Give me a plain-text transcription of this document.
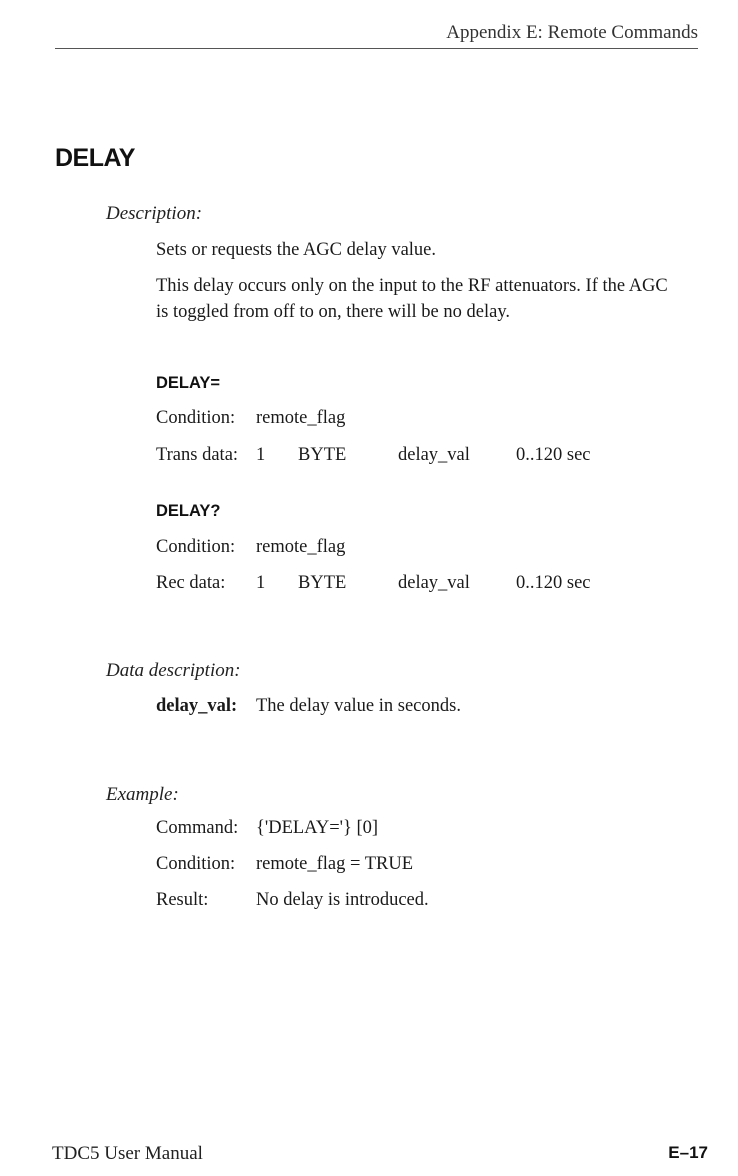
Appendix E: Remote Commands
DELAY
Description:
Sets or requests the AGC delay value.
This delay occurs only on the input to the RF attenuators. If the AGC is toggled from off to on, there will be no delay.
DELAY=
Condition: remote_flag
Trans data: 1 BYTE	delay_val 0..120 sec
DELAY?
Condition: remote_flag
Rec data: 1 BYTE	delay_val 0..120 sec
Data description:
delay_val: The delay value in seconds.
Example:
Command: {'DELAY='} [0]
Condition: remote_flag = TRUE
Result:	No delay is introduced.
TDC5 User Manual	E–17
